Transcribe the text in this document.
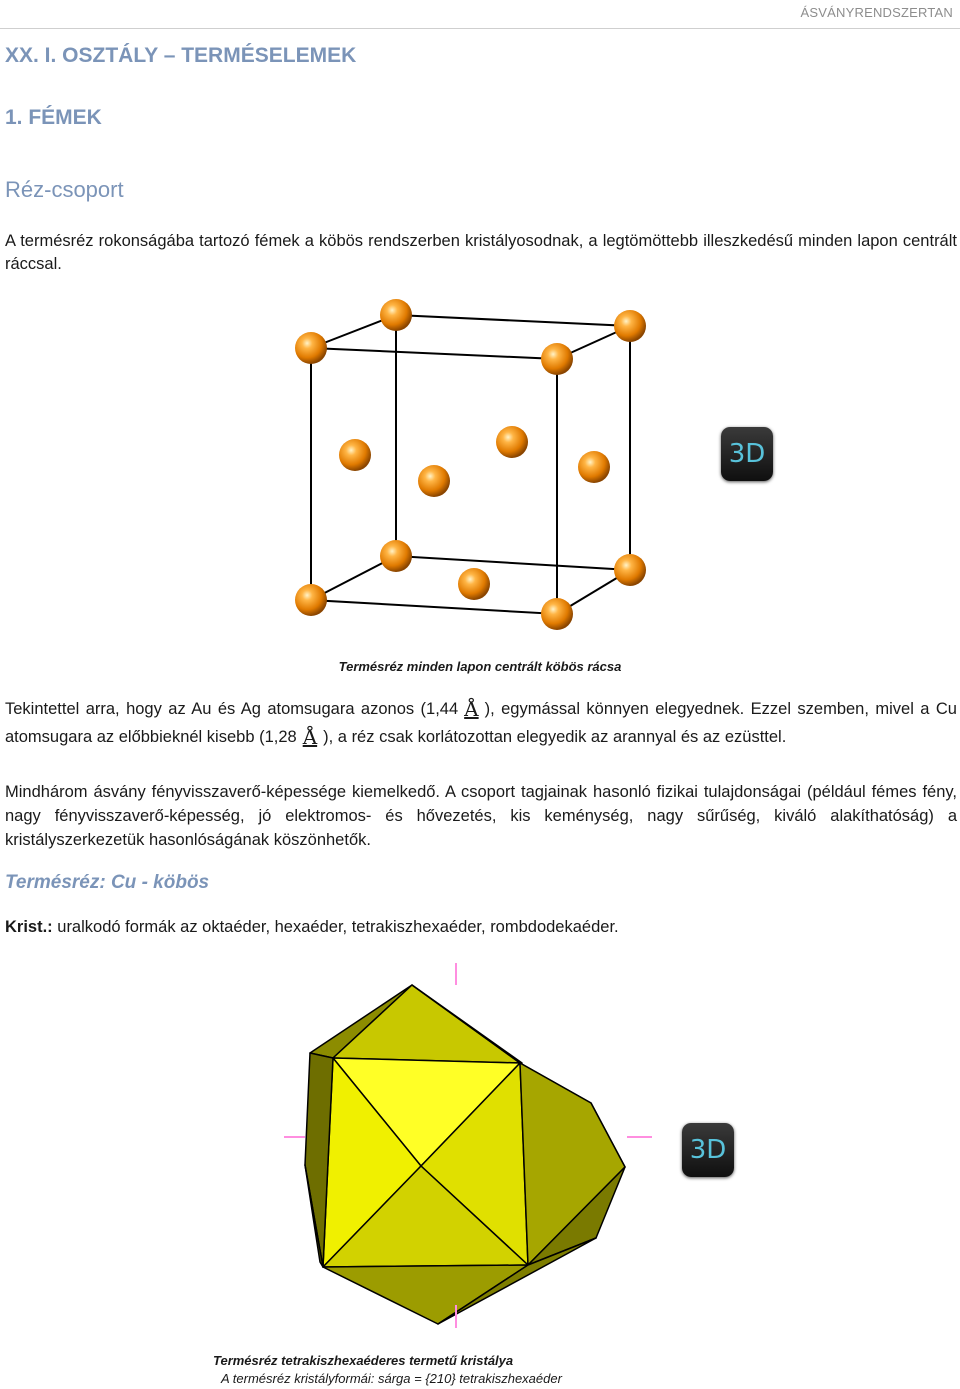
ÁSVÁNYRENDSZERTAN
XX. I. OSZTÁLY – TERMÉSELEMEK
1. FÉMEK
Réz-csoport
A termésréz rokonságába tartozó fémek a köbös rendszerben kristályosodnak, a legtömöttebb illeszkedésű minden lapon centrált ráccsal.
3D
Termésréz minden lapon centrált köbös rácsa
Tekintettel arra, hogy az Au és Ag atomsugara azonos (1,44 Å ), egymással könnyen elegyednek. Ezzel szemben, mivel a Cu atomsugara az előbbieknél kisebb (1,28 Å ), a réz csak korlátozottan elegyedik az arannyal és az ezüsttel.
Mindhárom ásvány fényvisszaverő-képessége kiemelkedő. A csoport tagjainak hasonló fizikai tulajdonságai (például fémes fény, nagy fényvisszaverő-képesség, jó elektromos- és hővezetés, kis keménység, nagy sűrűség, kiváló alakíthatóság) a kristályszerkezetük hasonlóságának köszönhetők.
Termésréz: Cu - köbös
Krist.: uralkodó formák az oktaéder, hexaéder, tetrakiszhexaéder, rombdodekaéder.
3D
Termésréz tetrakiszhexaéderes termetű kristálya
A termésréz kristályformái: sárga = {210} tetrakiszhexaéder
